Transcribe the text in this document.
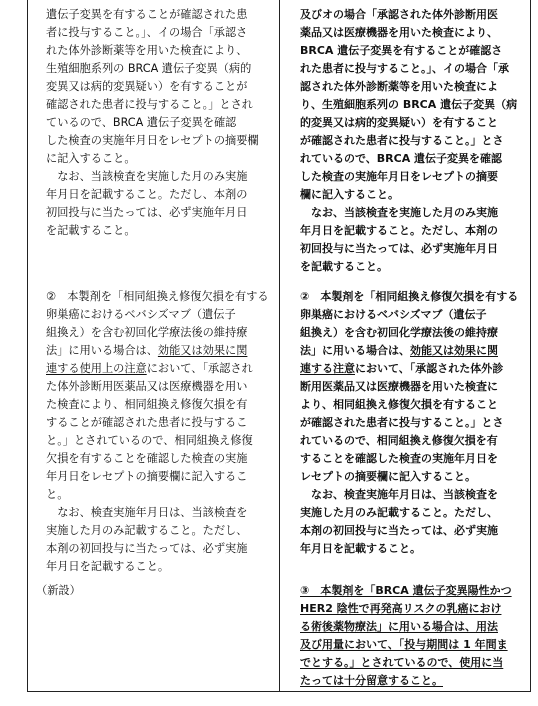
遺伝子変異を有することが確認された患
者に投与すること。」、イの場合「承認さ
れた体外診断薬等を用いた検査により、
生殖細胞系列の BRCA 遺伝子変異（病的
変異又は病的変異疑い）を有することが
確認された患者に投与すること。」とされ
ているので、BRCA 遺伝子変異を確認
した検査の実施年月日をレセプトの摘要欄
に記入すること。
　なお、当該検査を実施した月のみ実施
年月日を記載すること。ただし、本剤の
初回投与に当たっては、必ず実施年月日
を記載すること。
②　本製剤を「相同組換え修復欠損を有する
卵巣癌におけるベバシズマブ（遺伝子
組換え）を含む初回化学療法後の維持療
法」に用いる場合は、効能又は効果に関
連する使用上の注意において、「承認され
た体外診断用医薬品又は医療機器を用い
た検査により、相同組換え修復欠損を有
することが確認された患者に投与するこ
と。」とされているので、相同組換え修復
欠損を有することを確認した検査の実施
年月日をレセプトの摘要欄に記入するこ
と。
　なお、検査実施年月日は、当該検査を
実施した月のみ記載すること。ただし、
本剤の初回投与に当たっては、必ず実施
年月日を記載すること。
（新設）
及びオの場合「承認された体外診断用医
薬品又は医療機器を用いた検査により、
BRCA 遺伝子変異を有することが確認さ
れた患者に投与すること。」、イの場合「承
認された体外診断薬等を用いた検査によ
り、生殖細胞系列の BRCA 遺伝子変異（病
的変異又は病的変異疑い）を有すること
が確認された患者に投与すること。」とさ
れているので、BRCA 遺伝子変異を確認
した検査の実施年月日をレセプトの摘要
欄に記入すること。
　なお、当該検査を実施した月のみ実施
年月日を記載すること。ただし、本剤の
初回投与に当たっては、必ず実施年月日
を記載すること。
②　本製剤を「相同組換え修復欠損を有する
卵巣癌におけるベバシズマブ（遺伝子
組換え）を含む初回化学療法後の維持療
法」に用いる場合は、効能又は効果に関
連する注意において、「承認された体外診
断用医薬品又は医療機器を用いた検査に
より、相同組換え修復欠損を有すること
が確認された患者に投与すること。」とさ
れているので、相同組換え修復欠損を有
することを確認した検査の実施年月日を
レセプトの摘要欄に記入すること。
　なお、検査実施年月日は、当該検査を
実施した月のみ記載すること。ただし、
本剤の初回投与に当たっては、必ず実施
年月日を記載すること。
③　本製剤を「BRCA 遺伝子変異陽性かつ
HER2 陰性で再発高リスクの乳癌におけ
る術後薬物療法」に用いる場合は、用法
及び用量において、「投与期間は 1 年間ま
でとする。」とされているので、使用に当
たっては十分留意すること。
